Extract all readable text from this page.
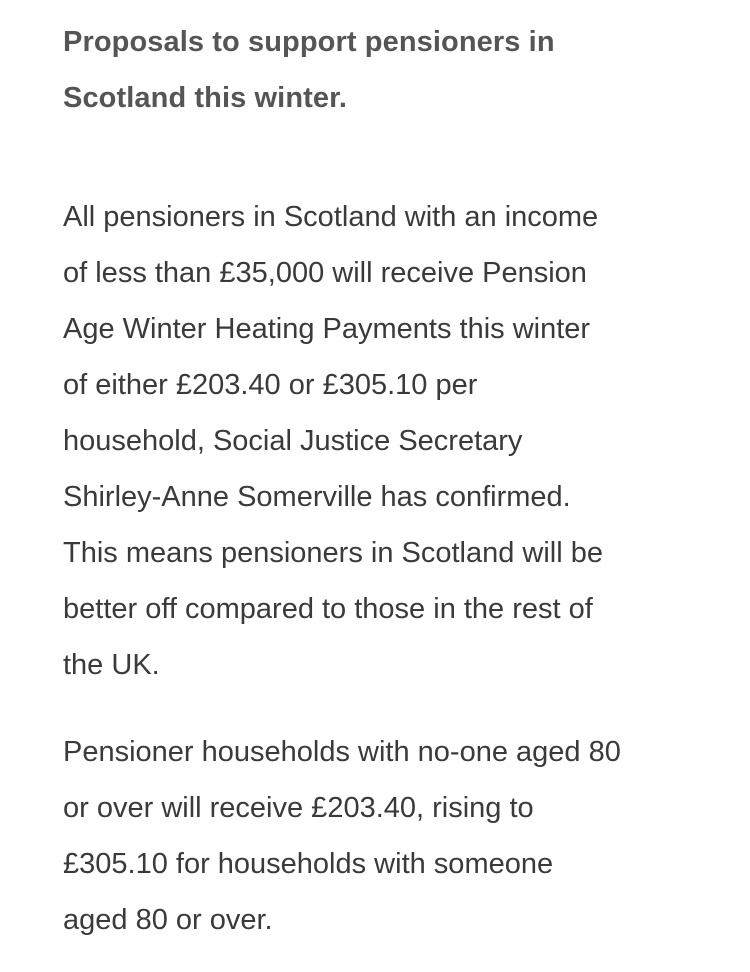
Proposals to support pensioners in
Scotland this winter.

All pensioners in Scotland with an income
of less than £35,000 will receive Pension
Age Winter Heating Payments this winter
of either £203.40 or £305.10 per
household, Social Justice Secretary
Shirley-Anne Somerville has confirmed.
This means pensioners in Scotland will be
better off compared to those in the rest of
the UK.

Pensioner households with no-one aged 80
or over will receive £203.40, rising to
£305.10 for households with someone
aged 80 or over.
